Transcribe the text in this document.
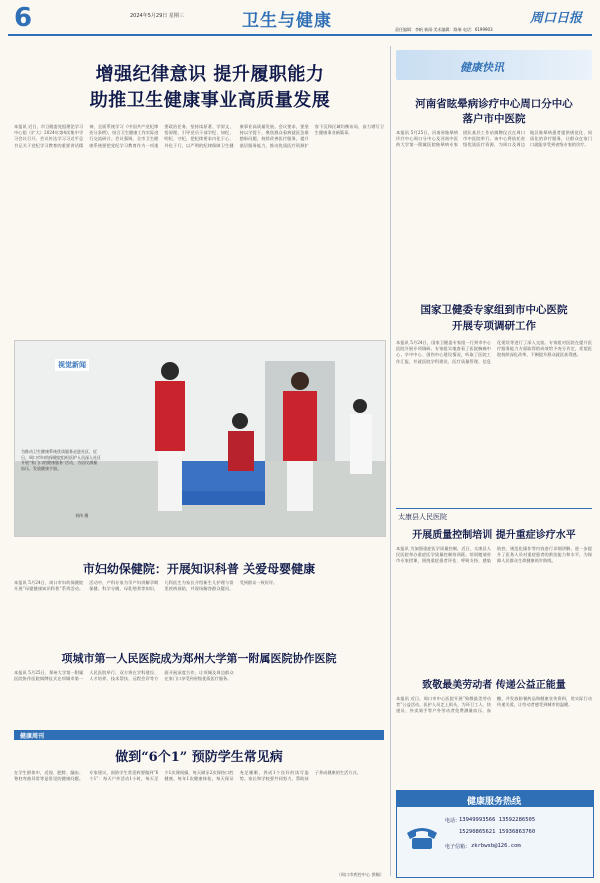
6	2024年5月29日 星期三	卫生与健康	周口日报
责任编辑：李帆 新闻·美术编辑：路瑞 电话：6199903
增强纪律意识 提升履职能力
助推卫生健康事业高质量发展
本报讯 近日，市卫健委党组理论学习中心组（扩大）2024年第4次集中学习会议召开。会议传达学习习近平总书记关于党纪学习教育的重要讲话精神，全面系统学习《中国共产党纪律处分条例》，结合卫生健康工作实际进行交流研讨。会议强调，全市卫生健康系统要把党纪学习教育作为一项重要政治任务，坚持读原著、学原文、悟原理，引导党员干部学纪、知纪、明纪、守纪，把纪律要求内化于心、外化于行，以严明的纪律保障卫生健康事业高质量发展。会议要求，要坚持以学促干，聚焦群众看病就医急难愁盼问题，持续改善医疗服务，提升基层服务能力，推动优质医疗资源扩容下沉和区域均衡布局，奋力谱写卫生健康事业新篇章。
健康快讯
河南省眩晕病诊疗中心周口分中心
落户市中医院
本报讯 5月25日，河南省眩晕病诊疗中心周口分中心及河南中医药大学第一附属医院眩晕病专家团队基层工作站揭牌仪式在周口市中医院举行。该中心将依托省级优质医疗资源，为周口及周边地区眩晕病患者提供规范化、同质化的诊疗服务，让群众在家门口就能享受到省级专家的诊疗。
视觉新闻
为推动卫生健康系统优质服务走进社区，近日，周口市妇幼保健院组织医护人员深入社区开展“家门口的健康服务”活动，为居民测量血压、发放健康手册。
刘伟 摄
国家卫健委专家组到市中心医院
开展专项调研工作
本报讯 5月24日，国家卫健委专家组一行到市中心医院开展专项调研。专家组实地查看了医院胸痛中心、卒中中心、创伤中心建设情况，听取了医院工作汇报，并就医院学科建设、医疗质量管理、信息化建设等进行了深入交流。专家组对医院在提升医疗服务能力方面取得的成效给予充分肯定，希望医院持续深化改革，不断提升群众就医获得感。
太康县人民医院
开展质量控制培训 提升重症诊疗水平
本报讯 为加强重症医学质量控制，近日，太康县人民医院举办重症医学质量控制培训班。培训邀请省市专家授课，围绕重症患者评估、呼吸支持、感染防控、规范化操作等内容进行详细讲解，进一步提升了医务人员对重症患者的救治能力和水平，为保障人民群众生命健康筑牢防线。
市妇幼保健院：开展知识科普 关爱母婴健康
本报讯 5月24日，周口市妇幼保健院开展“母婴健康知识科普”系列活动。活动中，产科专家为孕产妇讲解孕期保健、科学分娩、母乳喂养等知识，儿科医生为家长介绍新生儿护理与常见疾病预防，并现场解答群众疑问，受到群众一致好评。
项城市第一人民医院成为郑州大学第一附属医院协作医院
本报讯 5月25日，郑州大学第一附属医院协作医院揭牌仪式在项城市第一人民医院举行。双方将在学科建设、人才培养、技术帮扶、远程会诊等方面开展深度合作，让项城及周边群众在家门口享受到省级优质医疗服务。
致敬最美劳动者 传递公益正能量
本报讯 近日，周口市中心医院开展“致敬最美劳动者”公益活动。医护人员走上街头，为环卫工人、快递员、外卖骑手等户外劳动者免费测量血压、血糖，并发放防暑药品和健康宣传资料，用实际行动传递关爱，让劳动者感受到城市的温暖。
健康周刊
做到“6个1” 预防学生常见病
在学生群体中，近视、肥胖、龋齿、脊柱弯曲异常等是常见的健康问题。专家建议，预防学生常见病要做到“6个1”：每天户外活动1小时，每天至少1次课间操，每天刷牙2次保持口腔健康，每年1次健康体检，每天保证充足睡眠，养成1个良好的读写姿势。家长和学校要共同努力，帮助孩子养成健康的生活方式。
（周口市疾控中心 供稿）
健康服务热线
电话：
13949993566 13592286505
15290865621 15936863760
电子信箱： zkrbwsb@126.com
